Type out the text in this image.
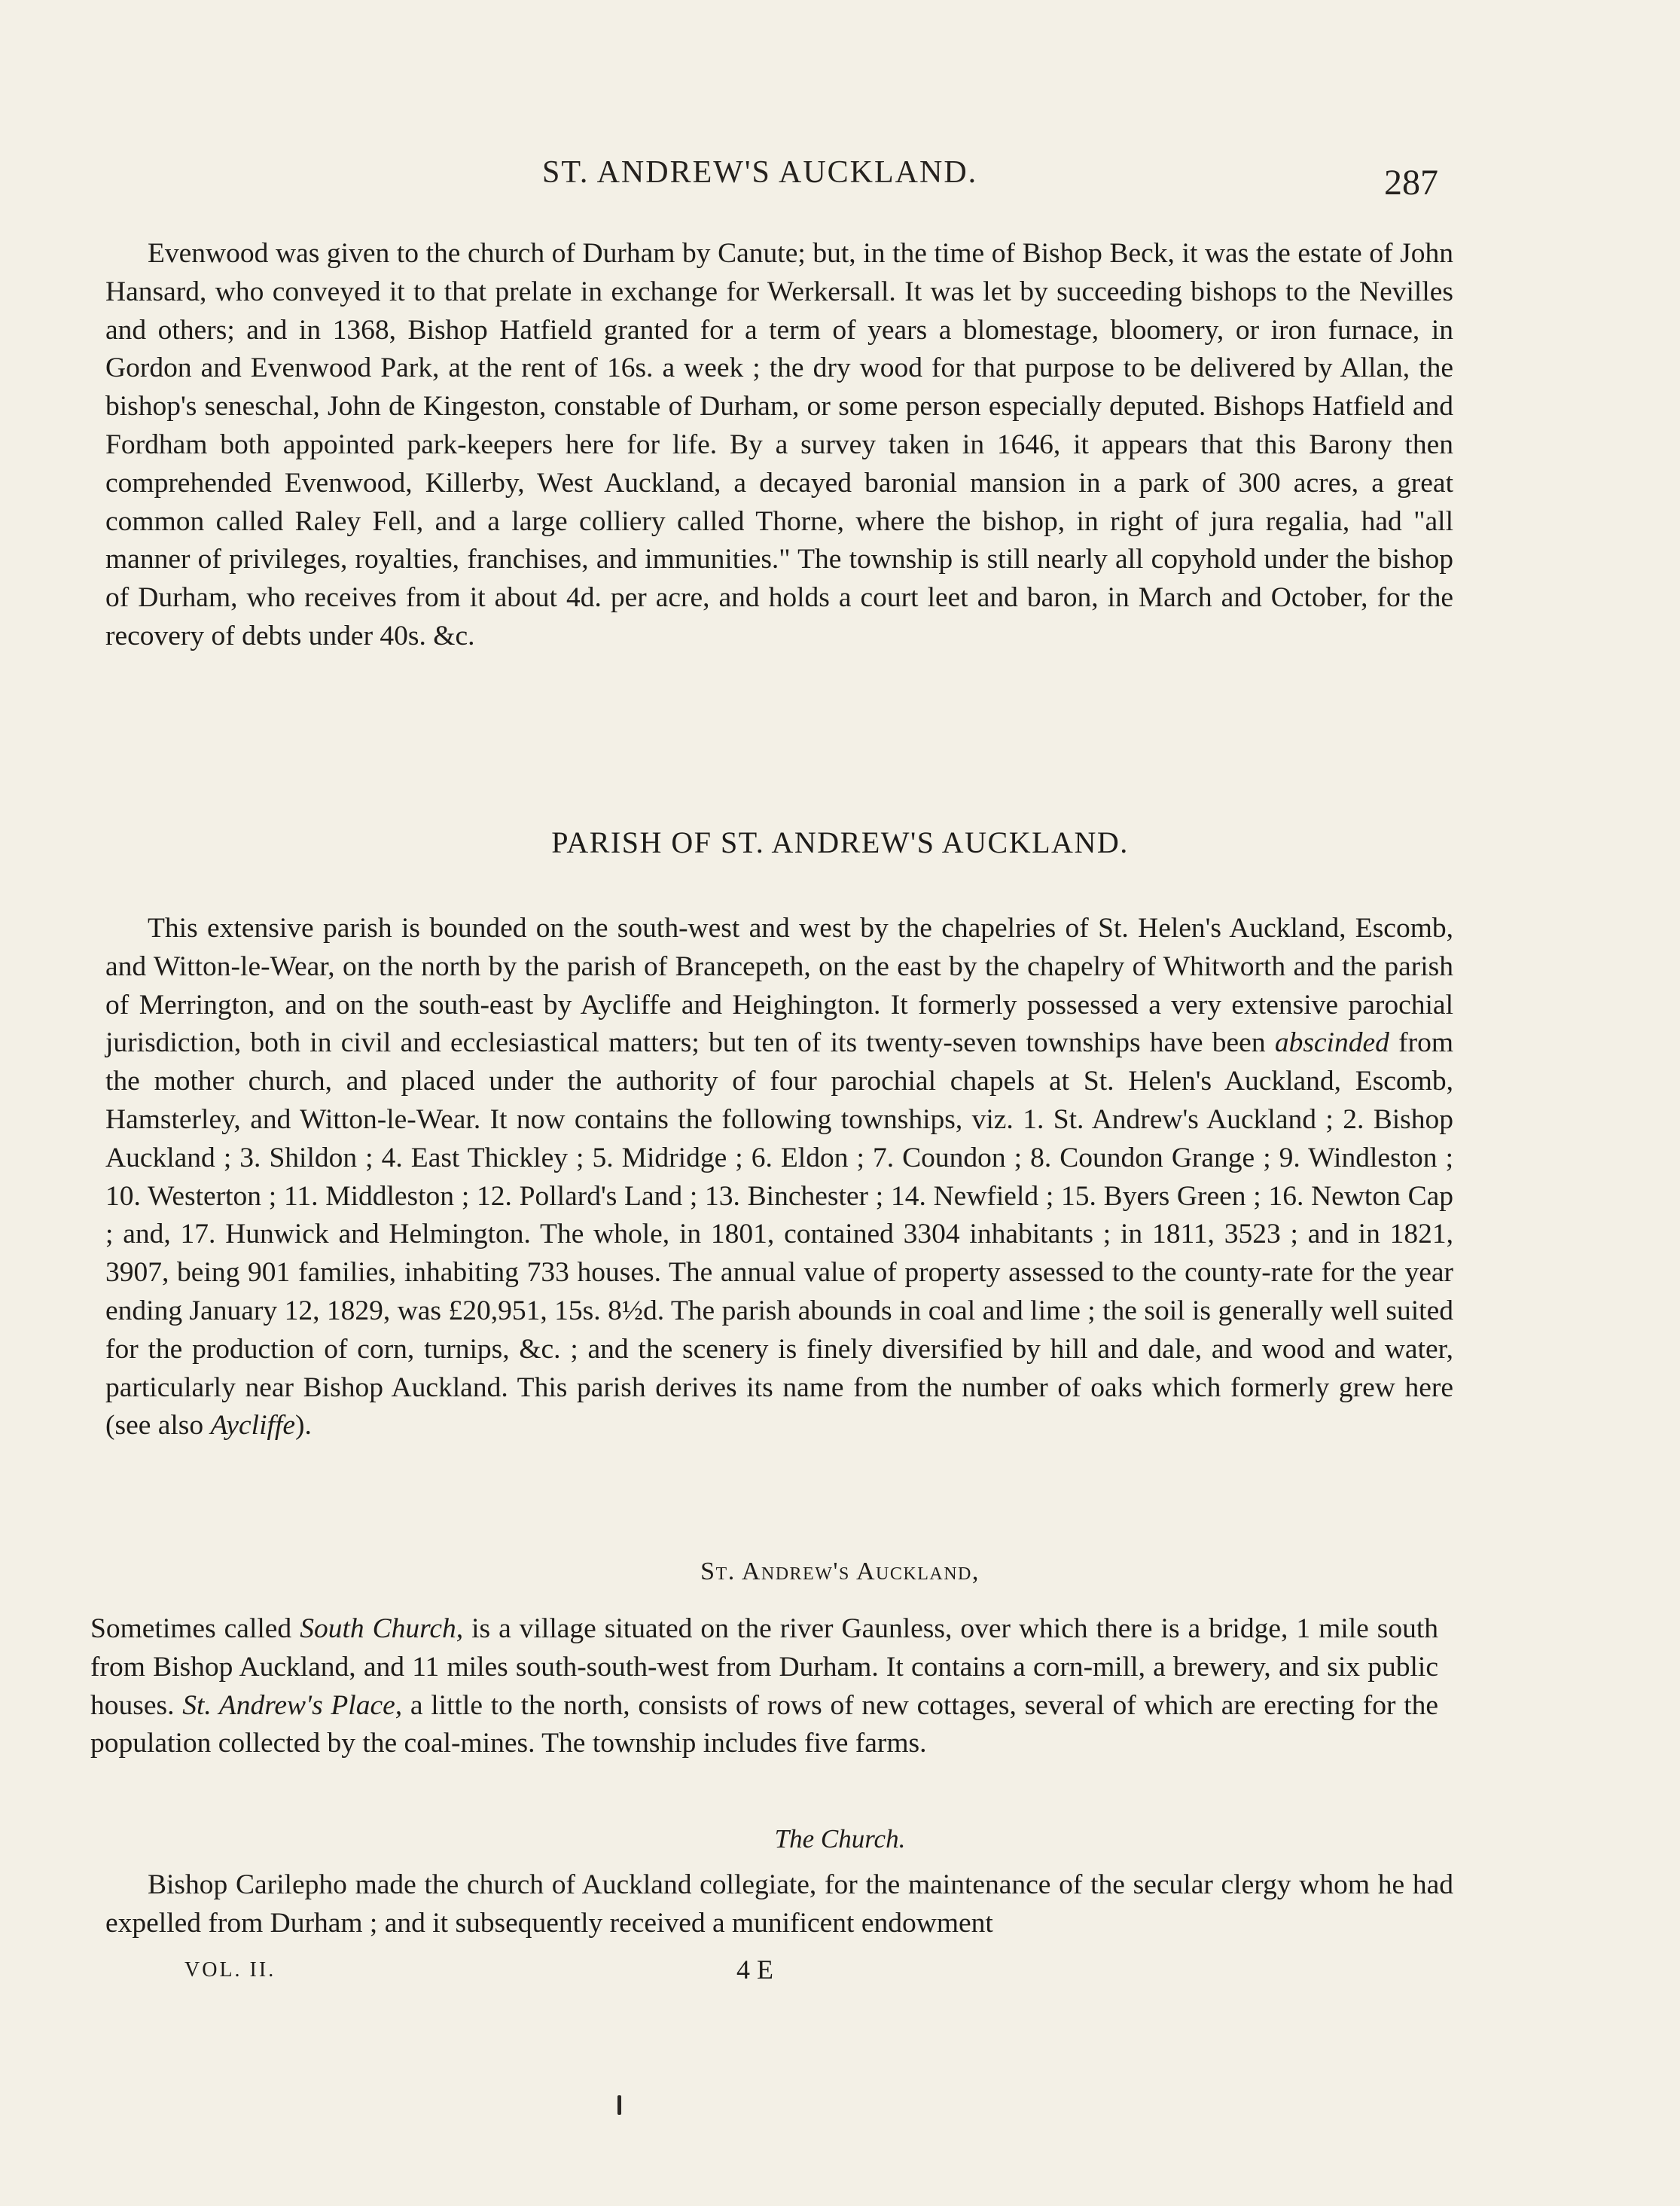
ST. ANDREW'S AUCKLAND.	287

Evenwood was given to the church of Durham by Canute; but, in the time of Bishop Beck, it was the estate of John Hansard, who conveyed it to that prelate in exchange for Werkersall. It was let by succeeding bishops to the Nevilles and others; and in 1368, Bishop Hatfield granted for a term of years a blomestage, bloomery, or iron furnace, in Gordon and Evenwood Park, at the rent of 16s. a week ; the dry wood for that purpose to be delivered by Allan, the bishop's seneschal, John de Kingeston, constable of Durham, or some person especially deputed. Bishops Hatfield and Fordham both appointed park-keepers here for life. By a survey taken in 1646, it appears that this Barony then comprehended Evenwood, Killerby, West Auckland, a decayed baronial mansion in a park of 300 acres, a great common called Raley Fell, and a large colliery called Thorne, where the bishop, in right of jura regalia, had "all manner of privileges, royalties, franchises, and immunities." The township is still nearly all copyhold under the bishop of Durham, who receives from it about 4d. per acre, and holds a court leet and baron, in March and October, for the recovery of debts under 40s. &c.

PARISH OF ST. ANDREW'S AUCKLAND.

This extensive parish is bounded on the south-west and west by the chapelries of St. Helen's Auckland, Escomb, and Witton-le-Wear, on the north by the parish of Brancepeth, on the east by the chapelry of Whitworth and the parish of Merrington, and on the south-east by Aycliffe and Heighington. It formerly possessed a very extensive parochial jurisdiction, both in civil and ecclesiastical matters; but ten of its twenty-seven townships have been abscinded from the mother church, and placed under the authority of four parochial chapels at St. Helen's Auckland, Escomb, Hamsterley, and Witton-le-Wear. It now contains the following townships, viz. 1. St. Andrew's Auckland ; 2. Bishop Auckland ; 3. Shildon ; 4. East Thickley ; 5. Midridge ; 6. Eldon ; 7. Coundon ; 8. Coundon Grange ; 9. Windleston ; 10. Westerton ; 11. Middleston ; 12. Pollard's Land ; 13. Binchester ; 14. Newfield ; 15. Byers Green ; 16. Newton Cap ; and, 17. Hunwick and Helmington. The whole, in 1801, contained 3304 inhabitants ; in 1811, 3523 ; and in 1821, 3907, being 901 families, inhabiting 733 houses. The annual value of property assessed to the county-rate for the year ending January 12, 1829, was £20,951, 15s. 8½d. The parish abounds in coal and lime ; the soil is generally well suited for the production of corn, turnips, &c. ; and the scenery is finely diversified by hill and dale, and wood and water, particularly near Bishop Auckland. This parish derives its name from the number of oaks which formerly grew here (see also Aycliffe).

St. Andrew's Auckland,

Sometimes called South Church, is a village situated on the river Gaunless, over which there is a bridge, 1 mile south from Bishop Auckland, and 11 miles south-south-west from Durham. It contains a corn-mill, a brewery, and six public houses. St. Andrew's Place, a little to the north, consists of rows of new cottages, several of which are erecting for the population collected by the coal-mines. The township includes five farms.

The Church.

Bishop Carilepho made the church of Auckland collegiate, for the maintenance of the secular clergy whom he had expelled from Durham ; and it subsequently received a munificent endowment

VOL. II.	4 E
